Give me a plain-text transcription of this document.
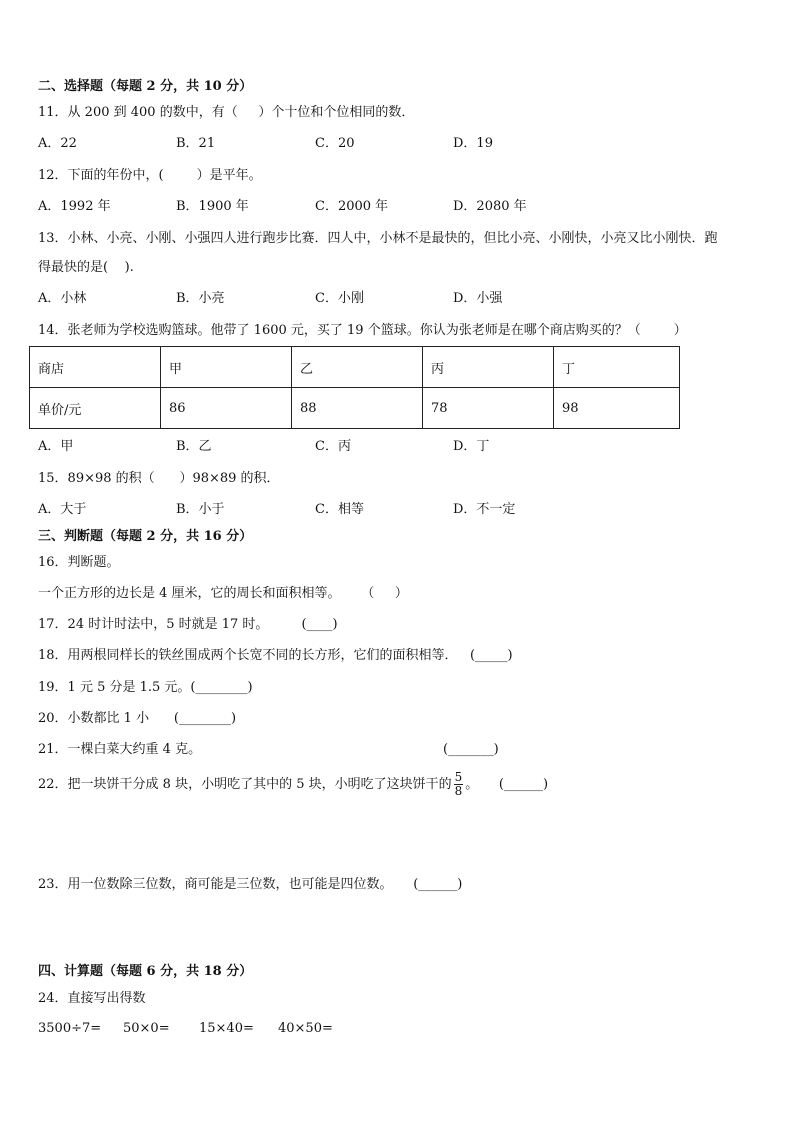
二、选择题（每题 2 分，共 10 分）
11．从 200 到 400 的数中，有（     ）个十位和个位相同的数．
A．22	B．21	C．20	D．19
12．下面的年份中，(        ）是平年。
A．1992 年	B．1900 年	C．2000 年	D．2080 年
13．小林、小亮、小刚、小强四人进行跑步比赛．四人中，小林不是最快的，但比小亮、小刚快，小亮又比小刚快．跑
得最快的是(    ).
A．小林	B．小亮	C．小刚	D．小强
14．张老师为学校选购篮球。他带了 1600 元，买了 19 个篮球。你认为张老师是在哪个商店购买的？（        ）
商店	甲	乙	丙	丁
单价/元	86	88	78	98
A．甲	B．乙	C．丙	D．丁
15．89×98 的积（      ）98×89 的积．
A．大于	B．小于	C．相等	D．不一定
三、判断题（每题 2 分，共 16 分）
16．判断题。
一个正方形的边长是 4 厘米，它的周长和面积相等。     （     ）
17．24 时计时法中，5 时就是 17 时。        (____)
18．用两根同样长的铁丝围成两个长宽不同的长方形，它们的面积相等．   (_____)
19．1 元 5 分是 1.5 元。(________)
20．小数都比 1 小      (________)
21．一棵白菜大约重 4 克。	(_______)
22．把一块饼干分成 8 块，小明吃了其中的 5 块，小明吃了这块饼干的 $\frac{5}{8}$ 。     (______)
23．用一位数除三位数，商可能是三位数，也可能是四位数。     (______)
四、计算题（每题 6 分，共 18 分）
24．直接写出得数
3500÷7= 50×0= 15×40= 40×50=
